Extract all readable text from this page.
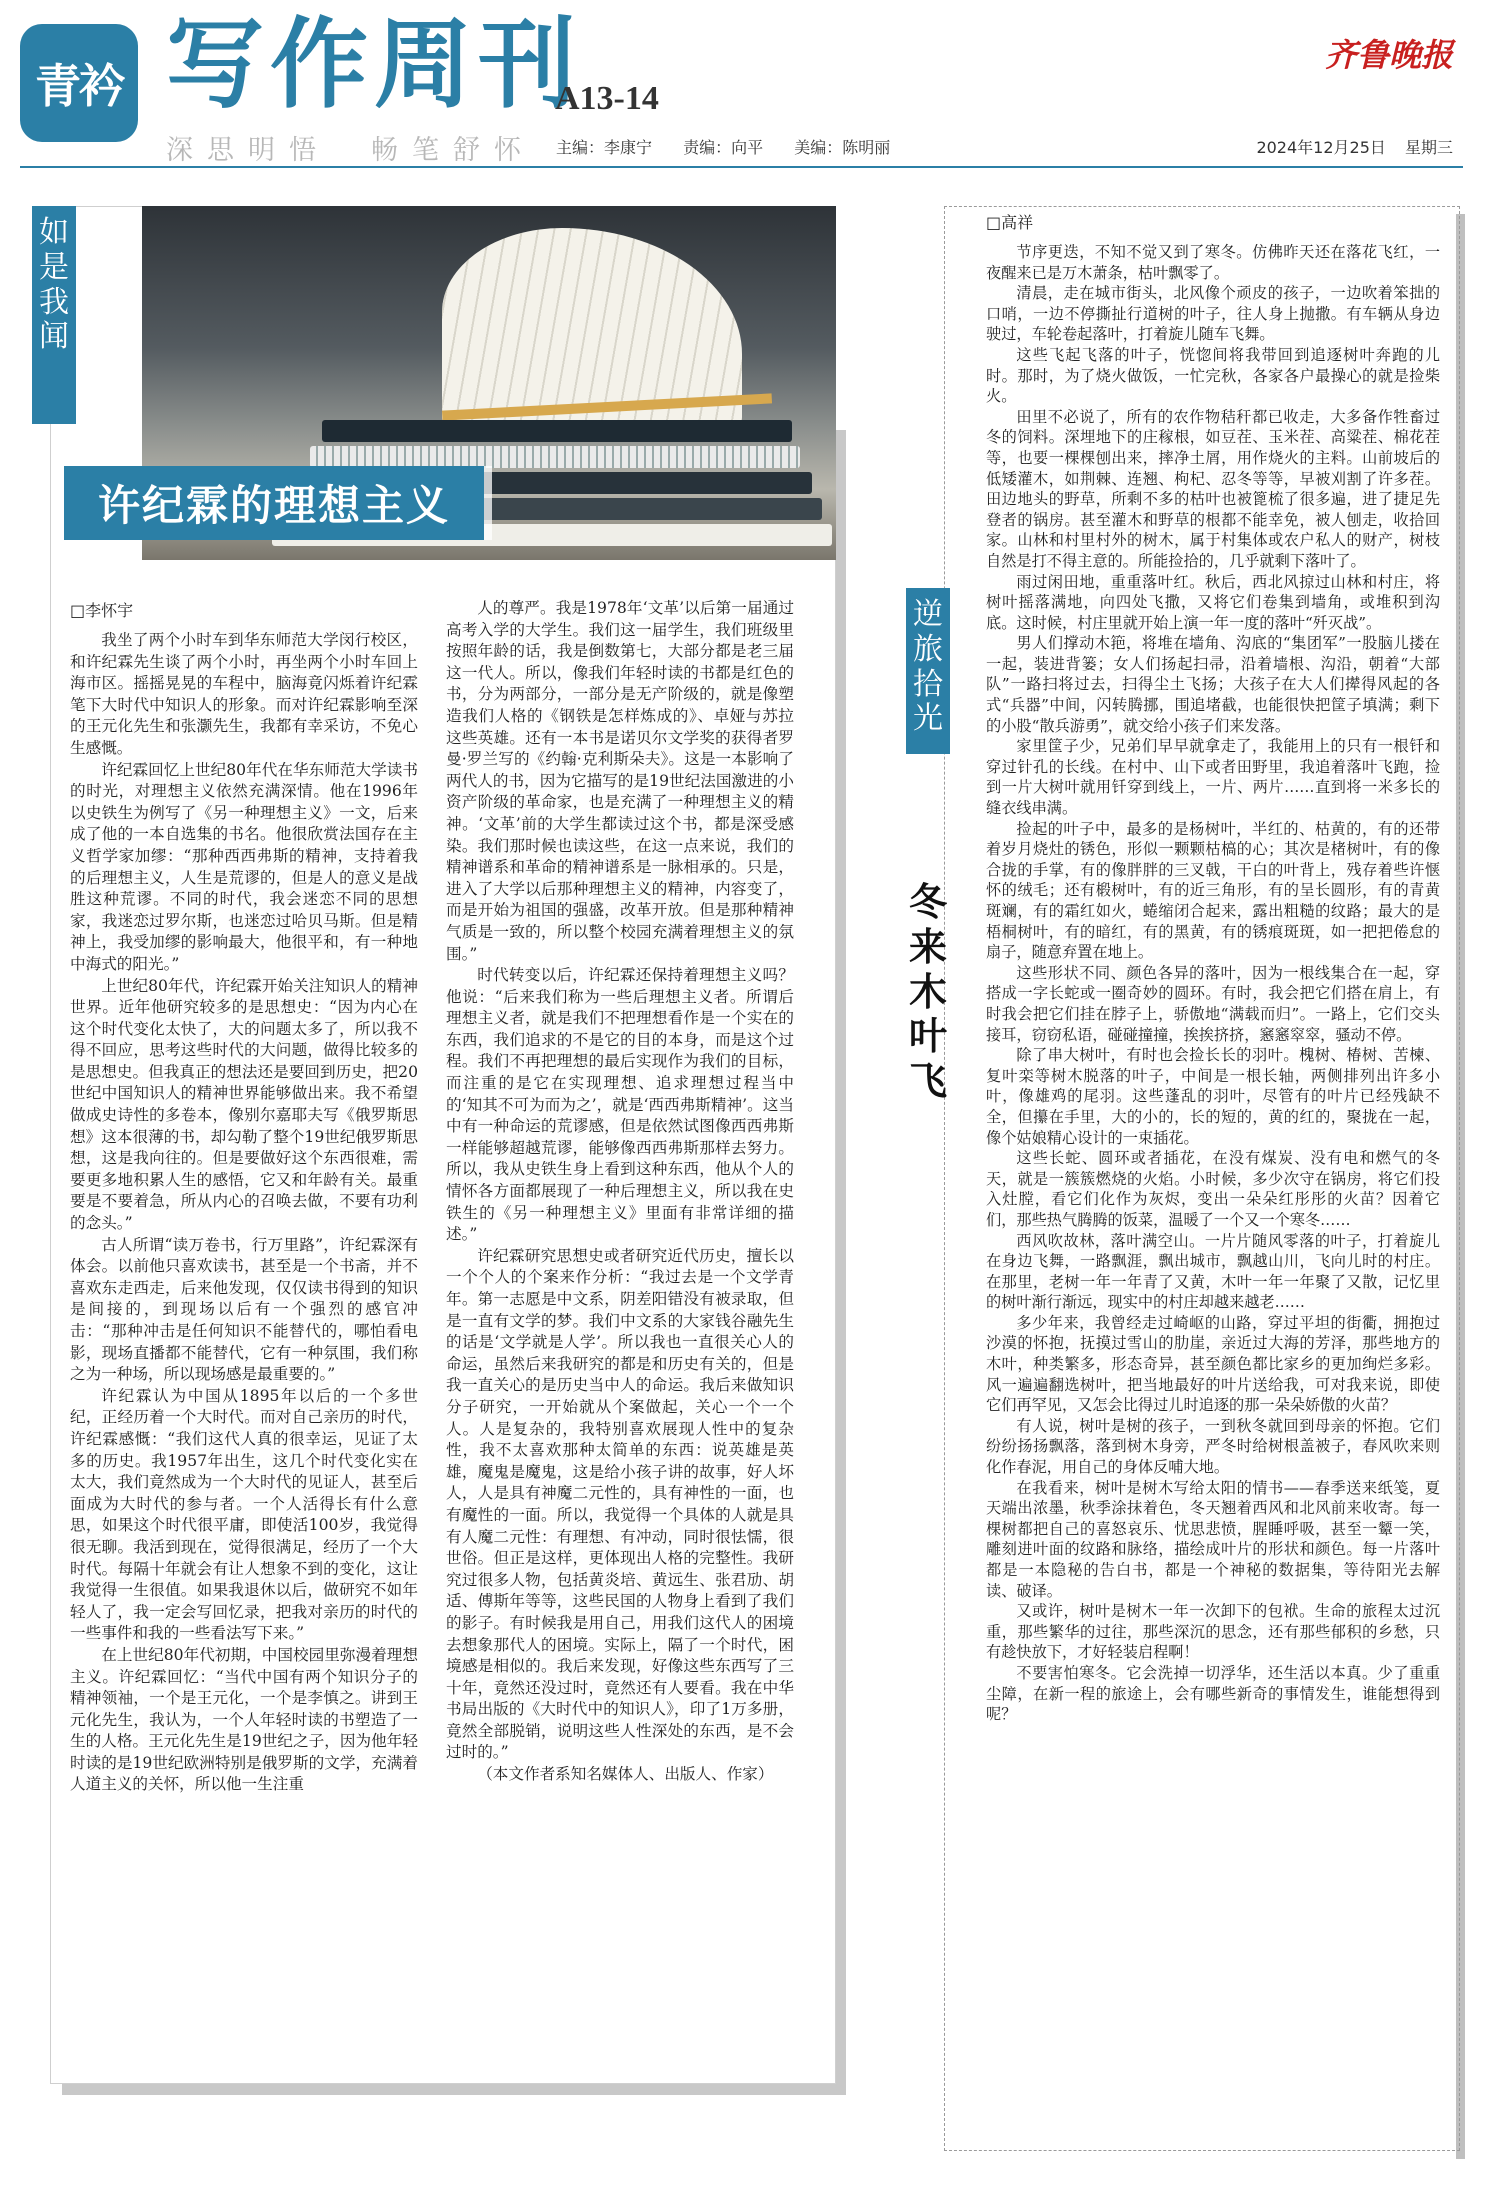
青衿 写作周刊
A13-14
深思明悟　畅笔舒怀 主编：李康宁 责编：向平 美编：陈明丽
齐鲁晚报
2024年12月25日 星期三
如是我闻
许纪霖的理想主义
□李怀宇

我坐了两个小时车到华东师范大学闵行校区，和许纪霖先生谈了两个小时，再坐两个小时车回上海市区。摇摇晃晃的车程中，脑海竟闪烁着许纪霖笔下大时代中知识人的形象。而对许纪霖影响至深的王元化先生和张灏先生，我都有幸采访，不免心生感慨。

许纪霖回忆上世纪80年代在华东师范大学读书的时光，对理想主义依然充满深情。他在1996年以史铁生为例写了《另一种理想主义》一文，后来成了他的一本自选集的书名。他很欣赏法国存在主义哲学家加缪：“那种西西弗斯的精神，支持着我的后理想主义，人生是荒谬的，但是人的意义是战胜这种荒谬。不同的时代，我会迷恋不同的思想家，我迷恋过罗尔斯，也迷恋过哈贝马斯。但是精神上，我受加缪的影响最大，他很平和，有一种地中海式的阳光。”

上世纪80年代，许纪霖开始关注知识人的精神世界。近年他研究较多的是思想史：“因为内心在这个时代变化太快了，大的问题太多了，所以我不得不回应，思考这些时代的大问题，做得比较多的是思想史。但我真正的想法还是要回到历史，把20世纪中国知识人的精神世界能够做出来。我不希望做成史诗性的多卷本，像别尔嘉耶夫写《俄罗斯思想》这本很薄的书，却勾勒了整个19世纪俄罗斯思想，这是我向往的。但是要做好这个东西很难，需要更多地积累人生的感悟，它又和年龄有关。最重要是不要着急，所从内心的召唤去做，不要有功利的念头。”

古人所谓“读万卷书，行万里路”，许纪霖深有体会。以前他只喜欢读书，甚至是一个书斋，并不喜欢东走西走，后来他发现，仅仅读书得到的知识是间接的，到现场以后有一个强烈的感官冲击：“那种冲击是任何知识不能替代的，哪怕看电影，现场直播都不能替代，它有一种氛围，我们称之为一种场，所以现场感是最重要的。”

许纪霖认为中国从1895年以后的一个多世纪，正经历着一个大时代。而对自己亲历的时代，许纪霖感慨：“我们这代人真的很幸运，见证了太多的历史。我1957年出生，这几个时代变化实在太大，我们竟然成为一个大时代的见证人，甚至后面成为大时代的参与者。一个人活得长有什么意思，如果这个时代很平庸，即使活100岁，我觉得很无聊。我活到现在，觉得很满足，经历了一个大时代。每隔十年就会有让人想象不到的变化，这让我觉得一生很值。如果我退休以后，做研究不如年轻人了，我一定会写回忆录，把我对亲历的时代的一些事件和我的一些看法写下来。”

在上世纪80年代初期，中国校园里弥漫着理想主义。许纪霖回忆：“当代中国有两个知识分子的精神领袖，一个是王元化，一个是李慎之。讲到王元化先生，我认为，一个人年轻时读的书塑造了一生的人格。王元化先生是19世纪之子，因为他年轻时读的是19世纪欧洲特别是俄罗斯的文学，充满着人道主义的关怀，所以他一生注重

人的尊严。我是1978年‘文革’以后第一届通过高考入学的大学生。我们这一届学生，我们班级里按照年龄的话，我是倒数第七，大部分都是老三届这一代人。所以，像我们年轻时读的书都是红色的书，分为两部分，一部分是无产阶级的，就是像塑造我们人格的《钢铁是怎样炼成的》、卓娅与苏拉这些英雄。还有一本书是诺贝尔文学奖的获得者罗曼·罗兰写的《约翰·克利斯朵夫》。这是一本影响了两代人的书，因为它描写的是19世纪法国激进的小资产阶级的革命家，也是充满了一种理想主义的精神。‘文革’前的大学生都读过这个书，都是深受感染。我们那时候也读这些，在这一点来说，我们的精神谱系和革命的精神谱系是一脉相承的。只是，进入了大学以后那种理想主义的精神，内容变了，而是开始为祖国的强盛，改革开放。但是那种精神气质是一致的，所以整个校园充满着理想主义的氛围。”

时代转变以后，许纪霖还保持着理想主义吗？他说：“后来我们称为一些后理想主义者。所谓后理想主义者，就是我们不把理想看作是一个实在的东西，我们追求的不是它的目的本身，而是这个过程。我们不再把理想的最后实现作为我们的目标，而注重的是它在实现理想、追求理想过程当中的‘知其不可为而为之’，就是‘西西弗斯精神’。这当中有一种命运的荒谬感，但是依然试图像西西弗斯一样能够超越荒谬，能够像西西弗斯那样去努力。所以，我从史铁生身上看到这种东西，他从个人的情怀各方面都展现了一种后理想主义，所以我在史铁生的《另一种理想主义》里面有非常详细的描述。”

许纪霖研究思想史或者研究近代历史，擅长以一个个人的个案来作分析：“我过去是一个文学青年。第一志愿是中文系，阴差阳错没有被录取，但是一直有文学的梦。我们中文系的大家钱谷融先生的话是‘文学就是人学’。所以我也一直很关心人的命运，虽然后来我研究的都是和历史有关的，但是我一直关心的是历史当中人的命运。我后来做知识分子研究，一开始就从个案做起，关心一个一个人。人是复杂的，我特别喜欢展现人性中的复杂性，我不太喜欢那种太简单的东西：说英雄是英雄，魔鬼是魔鬼，这是给小孩子讲的故事，好人坏人，人是具有神魔二元性的，具有神性的一面，也有魔性的一面。所以，我觉得一个具体的人就是具有人魔二元性：有理想、有冲动，同时很怯懦，很世俗。但正是这样，更体现出人格的完整性。我研究过很多人物，包括黄炎培、黄远生、张君劢、胡适、傅斯年等等，这些民国的人物身上看到了我们的影子。有时候我是用自己，用我们这代人的困境去想象那代人的困境。实际上，隔了一个时代，困境感是相似的。我后来发现，好像这些东西写了三十年，竟然还没过时，竟然还有人要看。我在中华书局出版的《大时代中的知识人》，印了1万多册，竟然全部脱销，说明这些人性深处的东西，是不会过时的。”

（本文作者系知名媒体人、出版人、作家）

逆旅拾光
冬来木叶飞
□高祥

节序更迭，不知不觉又到了寒冬。仿佛昨天还在落花飞红，一夜醒来已是万木萧条，枯叶飘零了。

清晨，走在城市街头，北风像个顽皮的孩子，一边吹着笨拙的口哨，一边不停撕扯行道树的叶子，往人身上抛撒。有车辆从身边驶过，车轮卷起落叶，打着旋儿随车飞舞。

这些飞起飞落的叶子，恍惚间将我带回到追逐树叶奔跑的儿时。那时，为了烧火做饭，一忙完秋，各家各户最操心的就是捡柴火。

田里不必说了，所有的农作物秸秆都已收走，大多备作牲畜过冬的饲料。深埋地下的庄稼根，如豆茬、玉米茬、高粱茬、棉花茬等，也要一棵棵刨出来，摔净土屑，用作烧火的主料。山前坡后的低矮灌木，如荆棘、连翘、枸杞、忍冬等等，早被刈割了许多茬。田边地头的野草，所剩不多的枯叶也被篦梳了很多遍，进了捷足先登者的锅房。甚至灌木和野草的根都不能幸免，被人刨走，收拾回家。山林和村里村外的树木，属于村集体或农户私人的财产，树枝自然是打不得主意的。所能捡拾的，几乎就剩下落叶了。

雨过闲田地，重重落叶红。秋后，西北风掠过山林和村庄，将树叶摇落满地，向四处飞撒，又将它们卷集到墙角，或堆积到沟底。这时候，村庄里就开始上演一年一度的落叶“歼灭战”。

男人们撑动木筢，将堆在墙角、沟底的“集团军”一股脑儿搂在一起，装进背篓；女人们扬起扫帚，沿着墙根、沟沿，朝着“大部队”一路扫将过去，扫得尘土飞扬；大孩子在大人们撵得风起的各式“兵器”中间，闪转腾挪，围追堵截，也能很快把筐子填满；剩下的小股“散兵游勇”，就交给小孩子们来发落。

家里筐子少，兄弟们早早就拿走了，我能用上的只有一根钎和穿过针孔的长线。在村中、山下或者田野里，我追着落叶飞跑，捡到一片大树叶就用钎穿到线上，一片、两片……直到将一米多长的缝衣线串满。

捡起的叶子中，最多的是杨树叶，半红的、枯黄的，有的还带着岁月烧灶的锈色，形似一颗颗枯槁的心；其次是楮树叶，有的像合拢的手掌，有的像胖胖的三叉戟，干白的叶背上，残存着些许惬怀的绒毛；还有椴树叶，有的近三角形，有的呈长圆形，有的青黄斑斓，有的霜红如火，蜷缩闭合起来，露出粗糙的纹路；最大的是梧桐树叶，有的暗红，有的黑黄，有的锈痕斑斑，如一把把倦怠的扇子，随意弃置在地上。

这些形状不同、颜色各异的落叶，因为一根线集合在一起，穿搭成一字长蛇或一圈奇妙的圆环。有时，我会把它们搭在肩上，有时我会把它们挂在脖子上，骄傲地“满载而归”。一路上，它们交头接耳，窃窃私语，碰碰撞撞，挨挨挤挤，窸窸窣窣，骚动不停。

除了串大树叶，有时也会捡长长的羽叶。槐树、椿树、苦楝、复叶栾等树木脱落的叶子，中间是一根长轴，两侧排列出许多小叶，像雄鸡的尾羽。这些蓬乱的羽叶，尽管有的叶片已经残缺不全，但攥在手里，大的小的，长的短的，黄的红的，聚拢在一起，像个姑娘精心设计的一束插花。

这些长蛇、圆环或者插花，在没有煤炭、没有电和燃气的冬天，就是一簇簇燃烧的火焰。小时候，多少次守在锅房，将它们投入灶膛，看它们化作为灰烬，变出一朵朵红彤彤的火苗？因着它们，那些热气腾腾的饭菜，温暖了一个又一个寒冬……

西风吹故林，落叶满空山。一片片随风零落的叶子，打着旋儿在身边飞舞，一路飘涯，飘出城市，飘越山川，飞向儿时的村庄。在那里，老树一年一年青了又黄，木叶一年一年聚了又散，记忆里的树叶渐行渐远，现实中的村庄却越来越老……

多少年来，我曾经走过崎岖的山路，穿过平坦的街衢，拥抱过沙漠的怀抱，抚摸过雪山的肋崖，亲近过大海的芳泽，那些地方的木叶，种类繁多，形态奇异，甚至颜色都比家乡的更加绚烂多彩。风一遍遍翻选树叶，把当地最好的叶片送给我，可对我来说，即使它们再罕见，又怎会比得过儿时追逐的那一朵朵娇傲的火苗？

有人说，树叶是树的孩子，一到秋冬就回到母亲的怀抱。它们纷纷扬扬飘落，落到树木身旁，严冬时给树根盖被子，春风吹来则化作春泥，用自己的身体反哺大地。

在我看来，树叶是树木写给太阳的情书——春季送来纸笺，夏天端出浓墨，秋季涂抹着色，冬天翘着西风和北风前来收寄。每一棵树都把自己的喜怒哀乐、忧思悲愤，腥睡呼吸，甚至一颦一笑，雕刻进叶面的纹路和脉络，描绘成叶片的形状和颜色。每一片落叶都是一本隐秘的告白书，都是一个神秘的数据集，等待阳光去解读、破译。

又或许，树叶是树木一年一次卸下的包袱。生命的旅程太过沉重，那些繁华的过往，那些深沉的思念，还有那些郁积的乡愁，只有趁快放下，才好轻装启程啊！

不要害怕寒冬。它会洗掉一切浮华，还生活以本真。少了重重尘障，在新一程的旅途上，会有哪些新奇的事情发生，谁能想得到呢？
